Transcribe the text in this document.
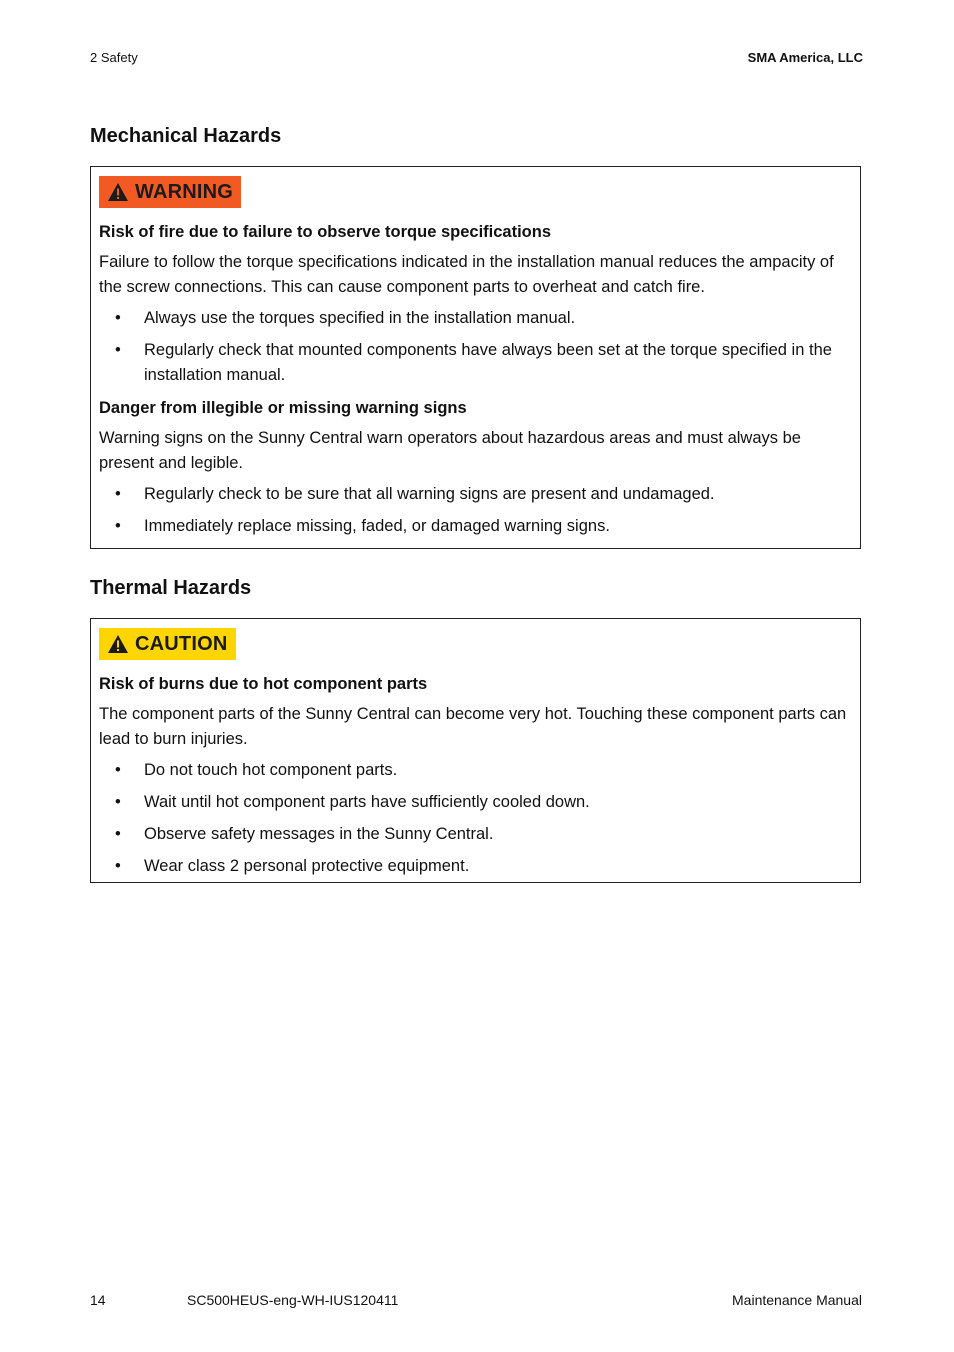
2 Safety	SMA America, LLC
Mechanical Hazards
WARNING
Risk of fire due to failure to observe torque specifications

Failure to follow the torque specifications indicated in the installation manual reduces the ampacity of the screw connections. This can cause component parts to overheat and catch fire.

• Always use the torques specified in the installation manual.
• Regularly check that mounted components have always been set at the torque specified in the installation manual.
Danger from illegible or missing warning signs

Warning signs on the Sunny Central warn operators about hazardous areas and must always be present and legible.

• Regularly check to be sure that all warning signs are present and undamaged.
• Immediately replace missing, faded, or damaged warning signs.
Thermal Hazards
CAUTION
Risk of burns due to hot component parts

The component parts of the Sunny Central can become very hot. Touching these component parts can lead to burn injuries.

• Do not touch hot component parts.
• Wait until hot component parts have sufficiently cooled down.
• Observe safety messages in the Sunny Central.
• Wear class 2 personal protective equipment.
14	SC500HEUS-eng-WH-IUS120411	Maintenance Manual
